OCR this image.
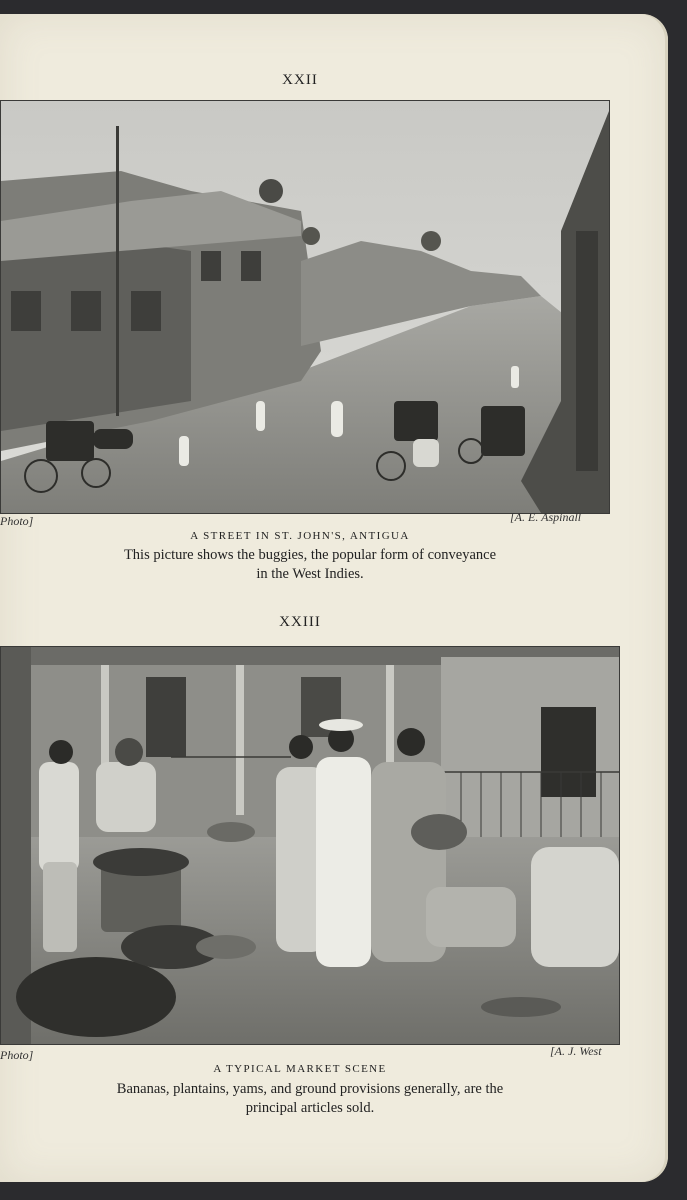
XXII
Photo]	[A. E. Aspinall
A STREET IN ST. JOHN'S, ANTIGUA
This picture shows the buggies, the popular form of conveyance
in the West Indies.
XXIII
Photo]	[A. J. West
A TYPICAL MARKET SCENE
Bananas, plantains, yams, and ground provisions generally, are the
principal articles sold.
